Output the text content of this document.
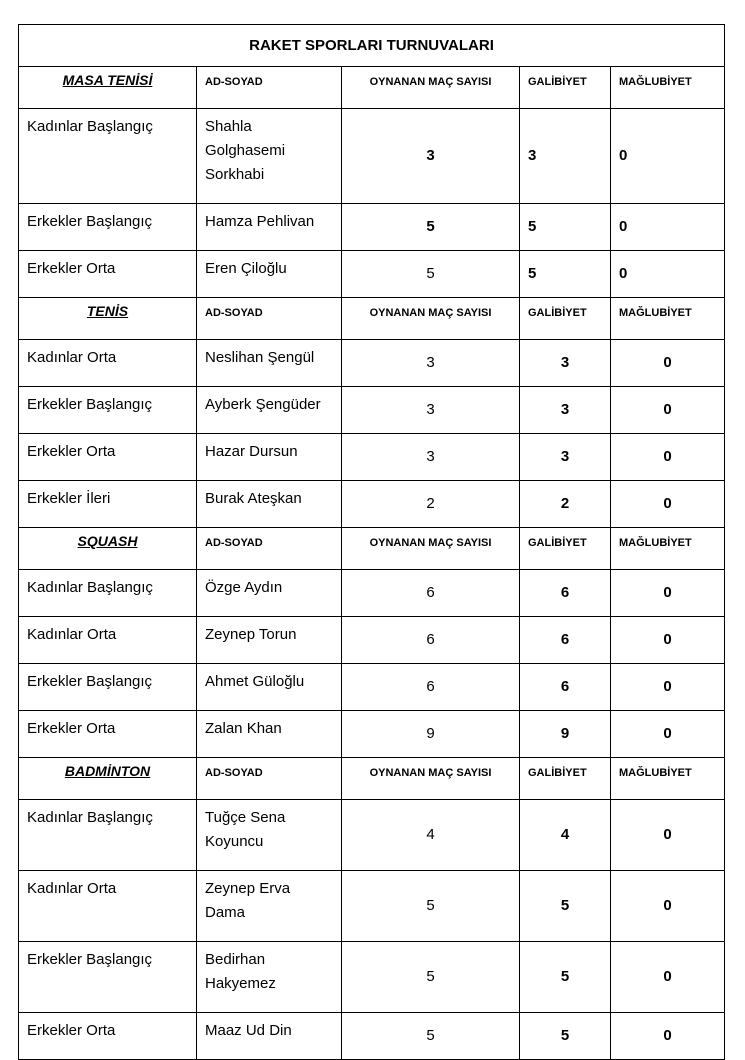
RAKET SPORLARI TURNUVALARI				
MASA TENİSİ	AD-SOYAD	OYNANAN MAÇ SAYISI	GALİBİYET	MAĞLUBİYET
Kadınlar Başlangıç	Shahla Golghasemi Sorkhabi	3	3	0
Erkekler Başlangıç	Hamza Pehlivan	5	5	0
Erkekler Orta	Eren Çiloğlu	5	5	0
TENİS	AD-SOYAD	OYNANAN MAÇ SAYISI	GALİBİYET	MAĞLUBİYET
Kadınlar Orta	Neslihan Şengül	3	3	0
Erkekler Başlangıç	Ayberk Şengüder	3	3	0
Erkekler Orta	Hazar Dursun	3	3	0
Erkekler İleri	Burak Ateşkan	2	2	0
SQUASH	AD-SOYAD	OYNANAN MAÇ SAYISI	GALİBİYET	MAĞLUBİYET
Kadınlar Başlangıç	Özge Aydın	6	6	0
Kadınlar Orta	Zeynep Torun	6	6	0
Erkekler Başlangıç	Ahmet Güloğlu	6	6	0
Erkekler Orta	Zalan Khan	9	9	0
BADMİNTON	AD-SOYAD	OYNANAN MAÇ SAYISI	GALİBİYET	MAĞLUBİYET
Kadınlar Başlangıç	Tuğçe Sena Koyuncu	4	4	0
Kadınlar Orta	Zeynep Erva Dama	5	5	0
Erkekler Başlangıç	Bedirhan Hakyemez	5	5	0
Erkekler Orta	Maaz Ud Din	5	5	0
